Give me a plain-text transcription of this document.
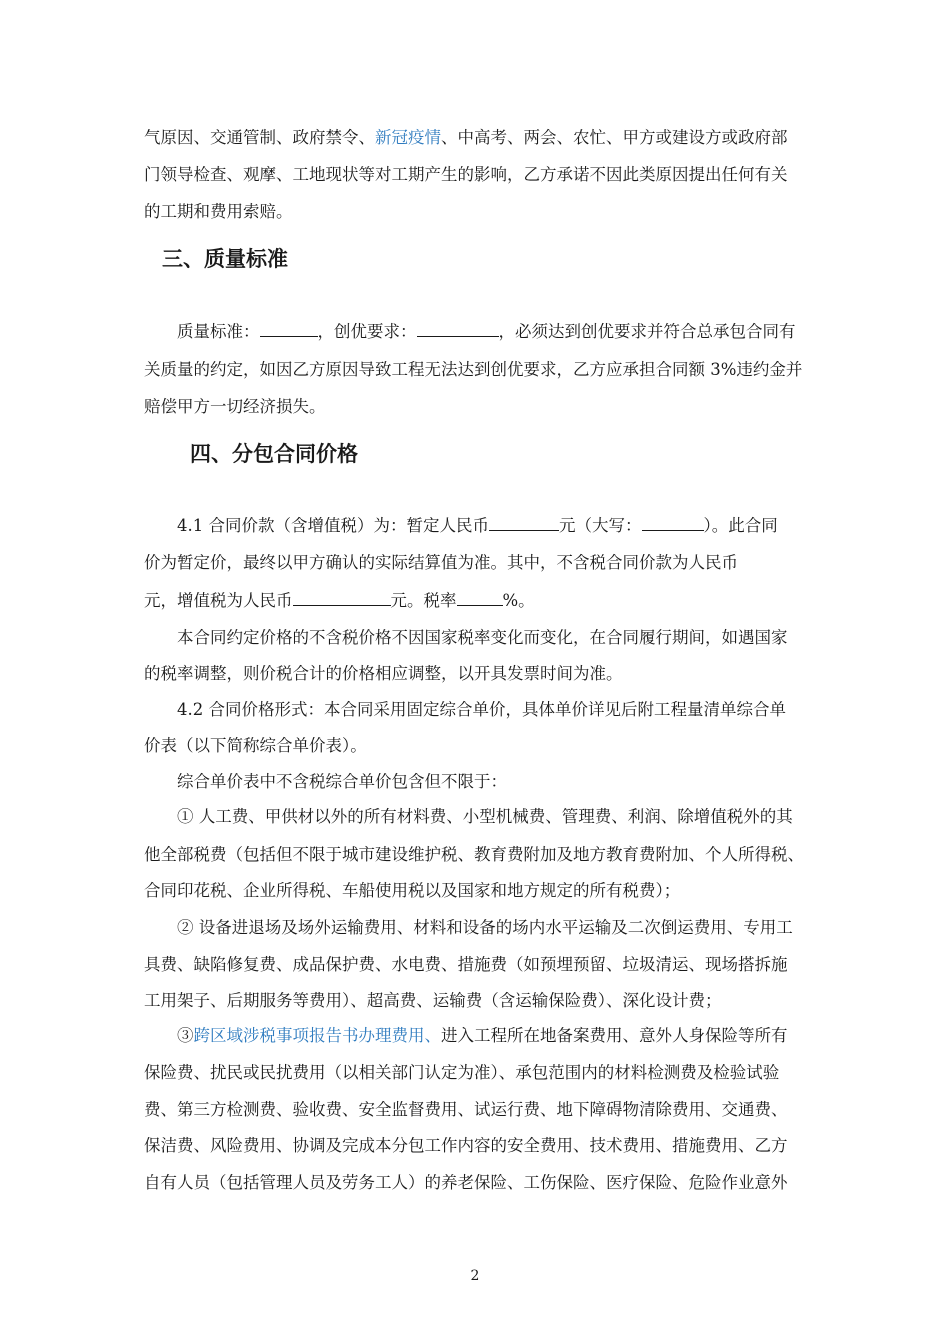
气原因、交通管制、政府禁令、新冠疫情、中高考、两会、农忙、甲方或建设方或政府部
门领导检查、观摩、工地现状等对工期产生的影响，乙方承诺不因此类原因提出任何有关
的工期和费用索赔。
三、质量标准
质量标准：	，创优要求：	，必须达到创优要求并符合总承包合同有
关质量的约定，如因乙方原因导致工程无法达到创优要求，乙方应承担合同额 3%违约金并
赔偿甲方一切经济损失。
四、分包合同价格
4.1 合同价款（含增值税）为：暂定人民币	元（大写：	）。此合同
价为暂定价，最终以甲方确认的实际结算值为准。其中，不含税合同价款为人民币
元，增值税为人民币	元。税率	%。
本合同约定价格的不含税价格不因国家税率变化而变化，在合同履行期间，如遇国家
的税率调整，则价税合计的价格相应调整，以开具发票时间为准。
4.2 合同价格形式：本合同采用固定综合单价，具体单价详见后附工程量清单综合单
价表（以下简称综合单价表）。
综合单价表中不含税综合单价包含但不限于：
① 人工费、甲供材以外的所有材料费、小型机械费、管理费、利润、除增值税外的其
他全部税费（包括但不限于城市建设维护税、教育费附加及地方教育费附加、个人所得税、
合同印花税、企业所得税、车船使用税以及国家和地方规定的所有税费）；
② 设备进退场及场外运输费用、材料和设备的场内水平运输及二次倒运费用、专用工
具费、缺陷修复费、成品保护费、水电费、措施费（如预埋预留、垃圾清运、现场搭拆施
工用架子、后期服务等费用）、超高费、运输费（含运输保险费）、深化设计费；
③跨区域涉税事项报告书办理费用、进入工程所在地备案费用、意外人身保险等所有
保险费、扰民或民扰费用（以相关部门认定为准）、承包范围内的材料检测费及检验试验
费、第三方检测费、验收费、安全监督费用、试运行费、地下障碍物清除费用、交通费、
保洁费、风险费用、协调及完成本分包工作内容的安全费用、技术费用、措施费用、乙方
自有人员（包括管理人员及劳务工人）的养老保险、工伤保险、医疗保险、危险作业意外
2
